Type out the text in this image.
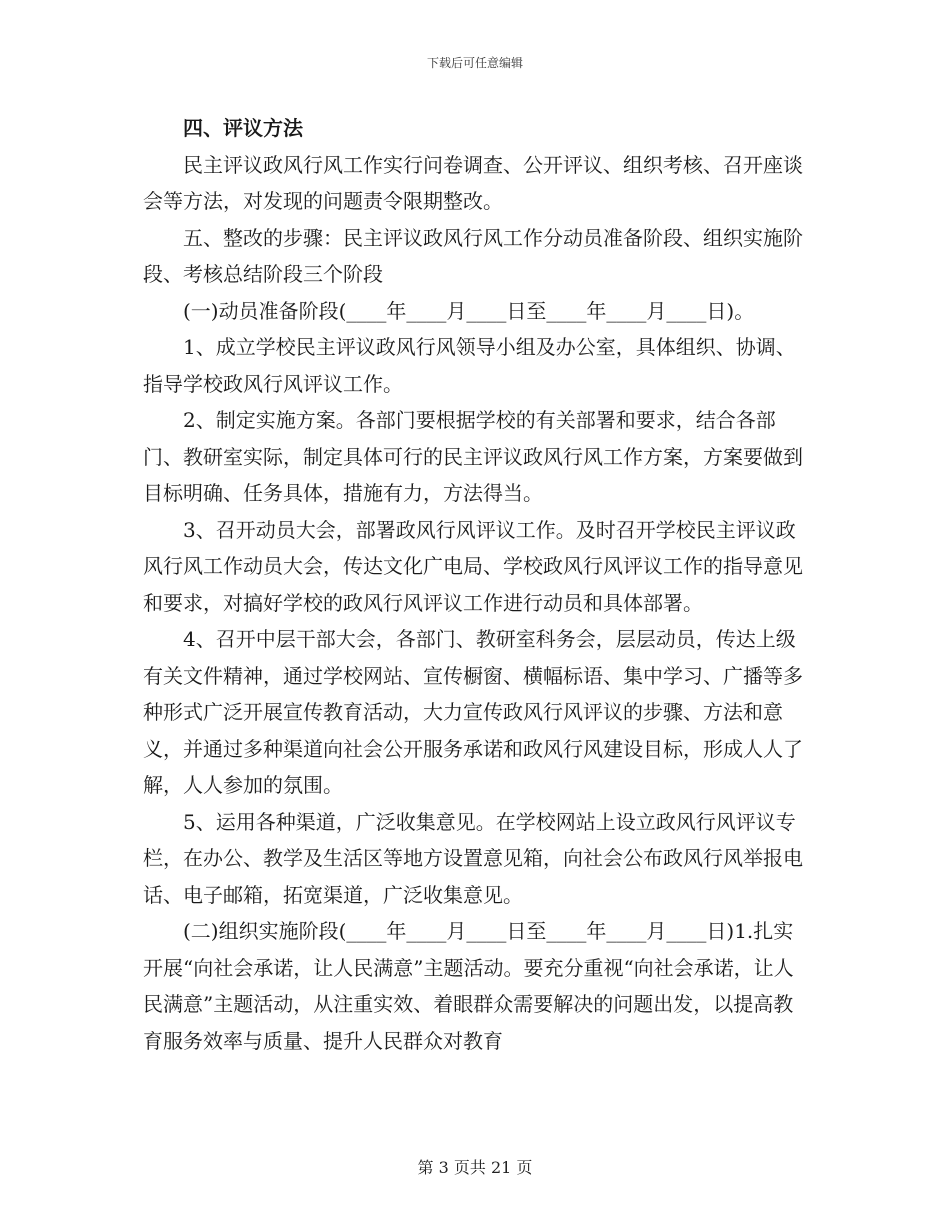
下载后可任意编辑

四、评议方法

民主评议政风行风工作实行问卷调查、公开评议、组织考核、召开座谈会等方法，对发现的问题责令限期整改。

五、整改的步骤：民主评议政风行风工作分动员准备阶段、组织实施阶段、考核总结阶段三个阶段

(一)动员准备阶段(____年____月____日至____年____月____日)。

1、成立学校民主评议政风行风领导小组及办公室，具体组织、协调、指导学校政风行风评议工作。

2、制定实施方案。各部门要根据学校的有关部署和要求，结合各部门、教研室实际，制定具体可行的民主评议政风行风工作方案，方案要做到目标明确、任务具体，措施有力，方法得当。

3、召开动员大会，部署政风行风评议工作。及时召开学校民主评议政风行风工作动员大会，传达文化广电局、学校政风行风评议工作的指导意见和要求，对搞好学校的政风行风评议工作进行动员和具体部署。

4、召开中层干部大会，各部门、教研室科务会，层层动员，传达上级有关文件精神，通过学校网站、宣传橱窗、横幅标语、集中学习、广播等多种形式广泛开展宣传教育活动，大力宣传政风行风评议的步骤、方法和意义，并通过多种渠道向社会公开服务承诺和政风行风建设目标，形成人人了解，人人参加的氛围。

5、运用各种渠道，广泛收集意见。在学校网站上设立政风行风评议专栏，在办公、教学及生活区等地方设置意见箱，向社会公布政风行风举报电话、电子邮箱，拓宽渠道，广泛收集意见。

(二)组织实施阶段(____年____月____日至____年____月____日)1.扎实开展“向社会承诺，让人民满意”主题活动。要充分重视“向社会承诺，让人民满意”主题活动，从注重实效、着眼群众需要解决的问题出发，以提高教育服务效率与质量、提升人民群众对教育

第 3 页共 21 页
